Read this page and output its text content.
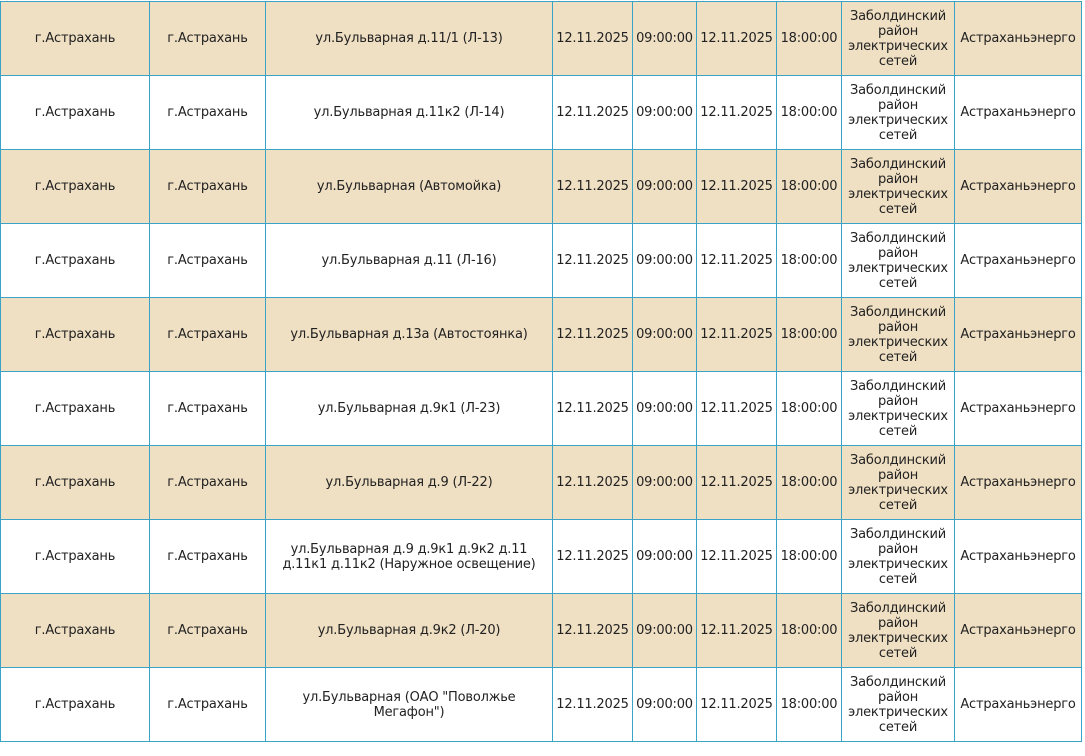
г.Астрахань	г.Астрахань	ул.Бульварная д.11/1 (Л-13)	12.11.2025	09:00:00	12.11.2025	18:00:00	Заболдинский район электрических сетей	Астраханьэнерго
г.Астрахань	г.Астрахань	ул.Бульварная д.11к2 (Л-14)	12.11.2025	09:00:00	12.11.2025	18:00:00	Заболдинский район электрических сетей	Астраханьэнерго
г.Астрахань	г.Астрахань	ул.Бульварная (Автомойка)	12.11.2025	09:00:00	12.11.2025	18:00:00	Заболдинский район электрических сетей	Астраханьэнерго
г.Астрахань	г.Астрахань	ул.Бульварная д.11 (Л-16)	12.11.2025	09:00:00	12.11.2025	18:00:00	Заболдинский район электрических сетей	Астраханьэнерго
г.Астрахань	г.Астрахань	ул.Бульварная д.13а (Автостоянка)	12.11.2025	09:00:00	12.11.2025	18:00:00	Заболдинский район электрических сетей	Астраханьэнерго
г.Астрахань	г.Астрахань	ул.Бульварная д.9к1 (Л-23)	12.11.2025	09:00:00	12.11.2025	18:00:00	Заболдинский район электрических сетей	Астраханьэнерго
г.Астрахань	г.Астрахань	ул.Бульварная д.9 (Л-22)	12.11.2025	09:00:00	12.11.2025	18:00:00	Заболдинский район электрических сетей	Астраханьэнерго
г.Астрахань	г.Астрахань	ул.Бульварная д.9 д.9к1 д.9к2 д.11 д.11к1 д.11к2 (Наружное освещение)	12.11.2025	09:00:00	12.11.2025	18:00:00	Заболдинский район электрических сетей	Астраханьэнерго
г.Астрахань	г.Астрахань	ул.Бульварная д.9к2 (Л-20)	12.11.2025	09:00:00	12.11.2025	18:00:00	Заболдинский район электрических сетей	Астраханьэнерго
г.Астрахань	г.Астрахань	ул.Бульварная (ОАО "Поволжье Мегафон")	12.11.2025	09:00:00	12.11.2025	18:00:00	Заболдинский район электрических сетей	Астраханьэнерго
